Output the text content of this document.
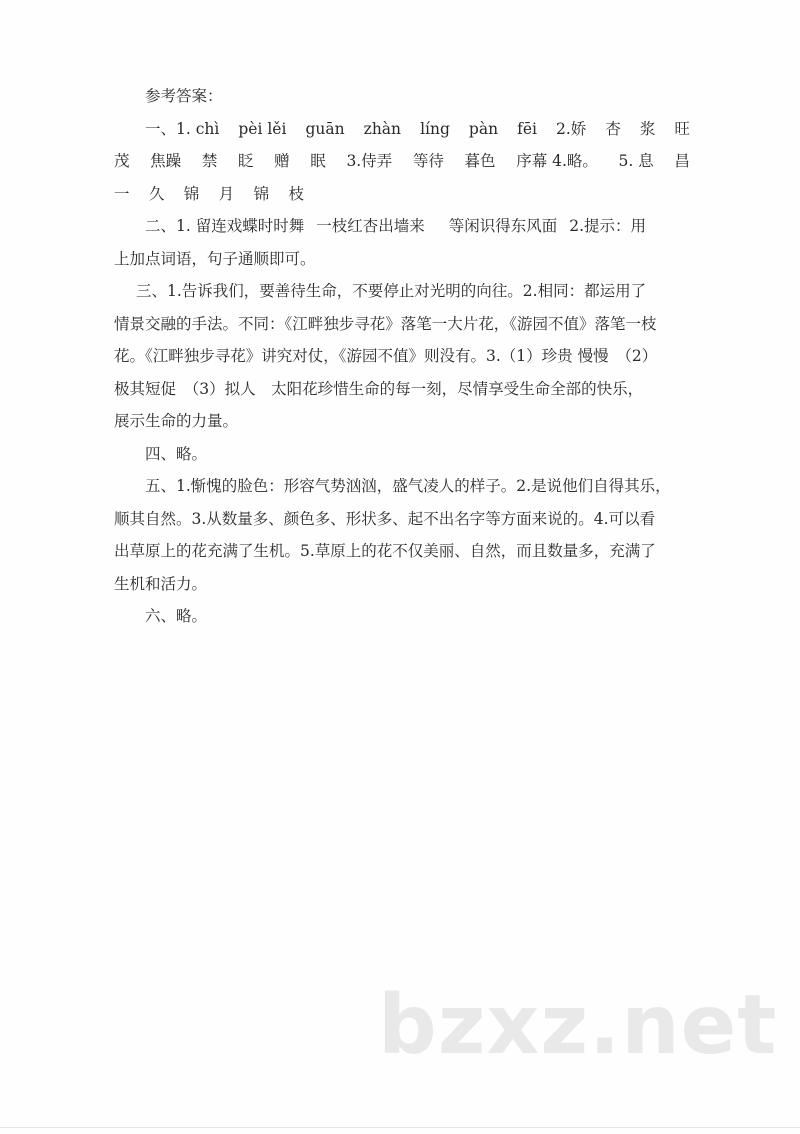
参考答案：
一、1. chì pèi lěi guān zhàn líng pàn fēi 2.娇 杏 浆 旺
茂 焦躁 禁 眨 赠 眠 3.侍弄 等待 暮色 序幕 4.略。 5. 息 昌
一 久 锦 月 锦 枝
二、1. 留连戏蝶时时舞 一枝红杏出墙来 等闲识得东风面 2.提示：用
上加点词语，句子通顺即可。
三、1.告诉我们，要善待生命，不要停止对光明的向往。2.相同：都运用了
情景交融的手法。不同：《江畔独步寻花》落笔一大片花，《游园不值》落笔一枝
花。《江畔独步寻花》讲究对仗，《游园不值》则没有。3.（1）珍贵 慢慢　（2）
极其短促　（3）拟人　太阳花珍惜生命的每一刻，尽情享受生命全部的快乐，
展示生命的力量。
四、略。
五、1.惭愧的脸色：形容气势汹汹，盛气凌人的样子。2.是说他们自得其乐，
顺其自然。3.从数量多、颜色多、形状多、起不出名字等方面来说的。4.可以看
出草原上的花充满了生机。5.草原上的花不仅美丽、自然，而且数量多，充满了
生机和活力。
六、略。
bzxz.net
